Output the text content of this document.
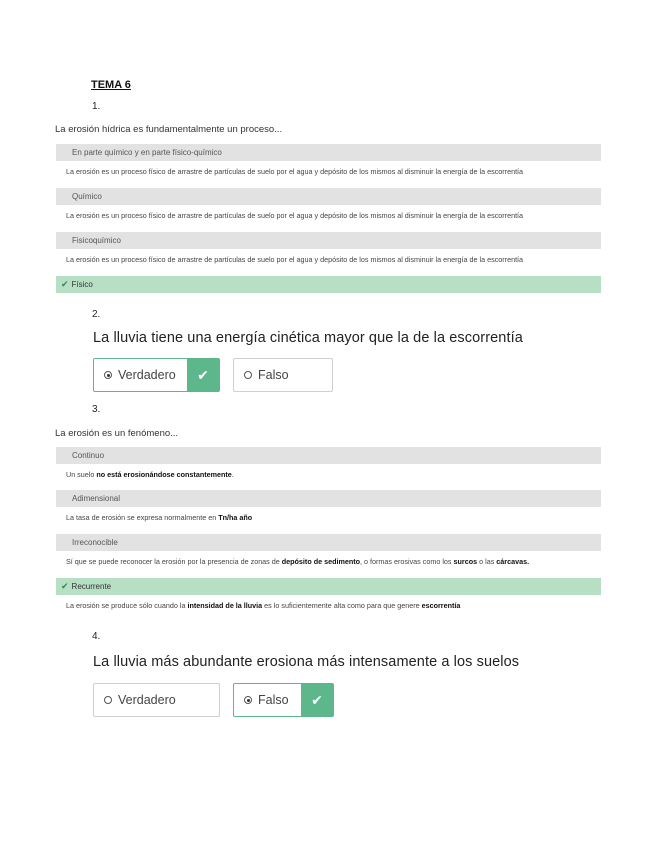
TEMA 6
1.
La erosión hídrica es fundamentalmente un proceso...
En parte químico y en parte físico-químico
La erosión es un proceso físico de arrastre de partículas de suelo por el agua y depósito de los mismos al disminuir la energía de la escorrentía
Químico
La erosión es un proceso físico de arrastre de partículas de suelo por el agua y depósito de los mismos al disminuir la energía de la escorrentía
Fisicoquímico
La erosión es un proceso físico de arrastre de partículas de suelo por el agua y depósito de los mismos al disminuir la energía de la escorrentía
✔ Físico
2.
La lluvia tiene una energía cinética mayor que la de la escorrentía
Verdadero	✔	Falso
3.
La erosión es un fenómeno...
Continuo
Un suelo no está erosionándose constantemente.
Adimensional
La tasa de erosión se expresa normalmente en Tn/ha año
Irreconocible
Sí que se puede reconocer la erosión por la presencia de zonas de depósito de sedimento, o formas erosivas como los surcos o las cárcavas.
✔ Recurrente
La erosión se produce sólo cuando la intensidad de la lluvia es lo suficientemente alta como para que genere escorrentía
4.
La lluvia más abundante erosiona más intensamente a los suelos
Verdadero	Falso	✔
